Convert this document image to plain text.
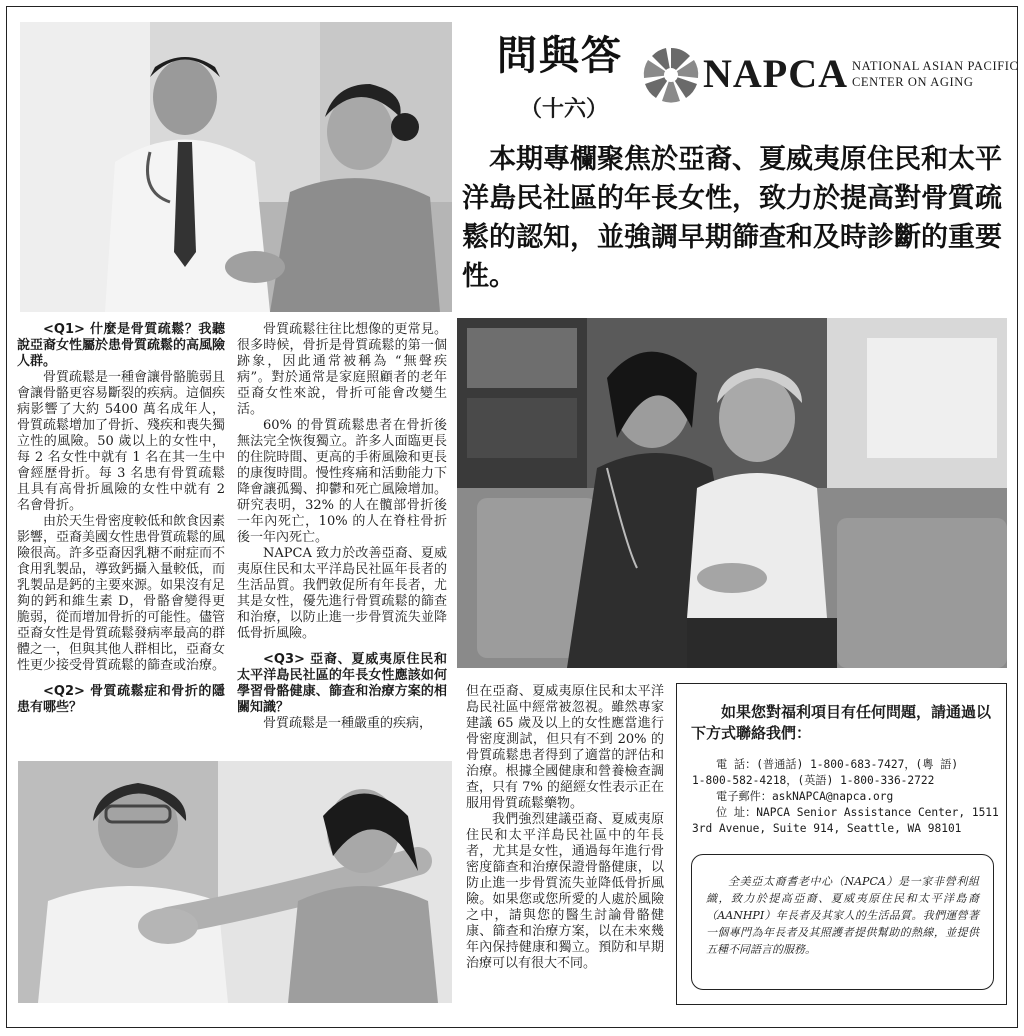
問與答
（十六）
NAPCA NATIONAL ASIAN PACIFIC
CENTER ON AGING
本期專欄聚焦於亞裔、夏威夷原住民和太平洋島民社區的年長女性，致力於提高對骨質疏鬆的認知，並強調早期篩查和及時診斷的重要性。
<Q1> 什麼是骨質疏鬆？我聽說亞裔女性屬於患骨質疏鬆的高風險人群。

骨質疏鬆是一種會讓骨骼脆弱且會讓骨骼更容易斷裂的疾病。這個疾病影響了大約 5400 萬名成年人，骨質疏鬆增加了骨折、殘疾和喪失獨立性的風險。50 歲以上的女性中，每 2 名女性中就有 1 名在其一生中會經歷骨折。每 3 名患有骨質疏鬆且具有高骨折風險的女性中就有 2 名會骨折。

由於天生骨密度較低和飲食因素影響，亞裔美國女性患骨質疏鬆的風險很高。許多亞裔因乳糖不耐症而不食用乳製品，導致鈣攝入量較低，而乳製品是鈣的主要來源。如果沒有足夠的鈣和維生素 D，骨骼會變得更脆弱，從而增加骨折的可能性。儘管亞裔女性是骨質疏鬆發病率最高的群體之一，但與其他人群相比，亞裔女性更少接受骨質疏鬆的篩查或治療。

<Q2> 骨質疏鬆症和骨折的隱患有哪些？

骨質疏鬆往往比想像的更常見。很多時候，骨折是骨質疏鬆的第一個跡象，因此通常被稱為 “無聲疾病”。對於通常是家庭照顧者的老年亞裔女性來說，骨折可能會改變生活。

60% 的骨質疏鬆患者在骨折後無法完全恢復獨立。許多人面臨更長的住院時間、更高的手術風險和更長的康復時間。慢性疼痛和活動能力下降會讓孤獨、抑鬱和死亡風險增加。研究表明，32% 的人在髖部骨折後一年內死亡，10% 的人在脊柱骨折後一年內死亡。

NAPCA 致力於改善亞裔、夏威夷原住民和太平洋島民社區年長者的生活品質。我們敦促所有年長者，尤其是女性，優先進行骨質疏鬆的篩查和治療，以防止進一步骨質流失並降低骨折風險。

<Q3> 亞裔、夏威夷原住民和太平洋島民社區的年長女性應該如何學習骨骼健康、篩查和治療方案的相關知識？

骨質疏鬆是一種嚴重的疾病，

但在亞裔、夏威夷原住民和太平洋島民社區中經常被忽視。雖然專家建議 65 歲及以上的女性應當進行骨密度測試，但只有不到 20% 的骨質疏鬆患者得到了適當的評估和治療。根據全國健康和營養檢查調查，只有 7% 的絕經女性表示正在服用骨質疏鬆藥物。

我們強烈建議亞裔、夏威夷原住民和太平洋島民社區中的年長者，尤其是女性，通過每年進行骨密度篩查和治療保證骨骼健康，以防止進一步骨質流失並降低骨折風險。如果您或您所愛的人處於風險之中，請與您的醫生討論骨骼健康、篩查和治療方案，以在未來幾年內保持健康和獨立。預防和早期治療可以有很大不同。

如果您對福利項目有任何問題，請通過以下方式聯絡我們：
電 話：(普通話) 1-800-683-7427，(粵 語)
1-800-582-4218，(英語) 1-800-336-2722
電子郵件：askNAPCA@napca.org
位 址：NAPCA Senior Assistance Center, 1511
3rd Avenue, Suite 914, Seattle, WA 98101
全美亞太裔耆老中心（NAPCA）是一家非營利組織，致力於提高亞裔、夏威夷原住民和太平洋島裔（AANHPI）年長者及其家人的生活品質。我們運營著一個專門為年長者及其照護者提供幫助的熱線，並提供五種不同語言的服務。
